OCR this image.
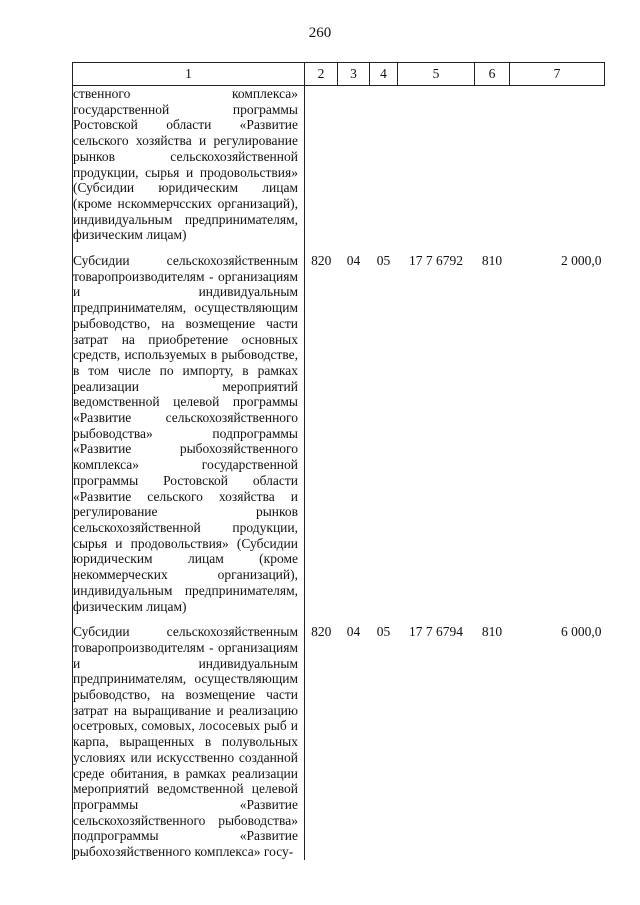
260
1	2	3	4	5	6	7
ственного комплекса» государственной программы Ростовской области «Развитие сельского хозяйства и регулирование рынков сельскохозяйственной продукции, сырья и продовольствия» (Субсидии юридическим лицам (кроме нскоммерчсских организаций), индивидуальным предпринимателям, физическим лицам)						

Субсидии сельскохозяйственным товаропроизводителям - организациям и индивидуальным предпринимателям, осуществляющим рыбоводство, на возмещение части затрат на приобретение основных средств, используемых в рыбоводстве, в том числе по импорту, в рамках реализации мероприятий ведомственной целевой программы «Развитие сельскохозяйственного рыбоводства» подпрограммы «Развитие рыбохозяйственного комплекса» государственной программы Ростовской области «Развитие сельского хозяйства и регулирование рынков сельскохозяйственной продукции, сырья и продовольствия» (Субсидии юридическим лицам (кроме некоммерческих организаций), индивидуальным предпринимателям, физическим лицам)	820	04	05	17 7 6792	810	2 000,0

Субсидии сельскохозяйственным товаропроизводителям - организациям и индивидуальным предпринимателям, осуществляющим рыбоводство, на возмещение части затрат на выращивание и реализацию осетровых, сомовых, лососевых рыб и карпа, выращенных в полувольных условиях или искусственно созданной среде обитания, в рамках реализации мероприятий ведомственной целевой программы «Развитие сельскохозяйственного рыбоводства» подпрограммы «Развитие рыбохозяйственного комплекса» госу-	820	04	05	17 7 6794	810	6 000,0
